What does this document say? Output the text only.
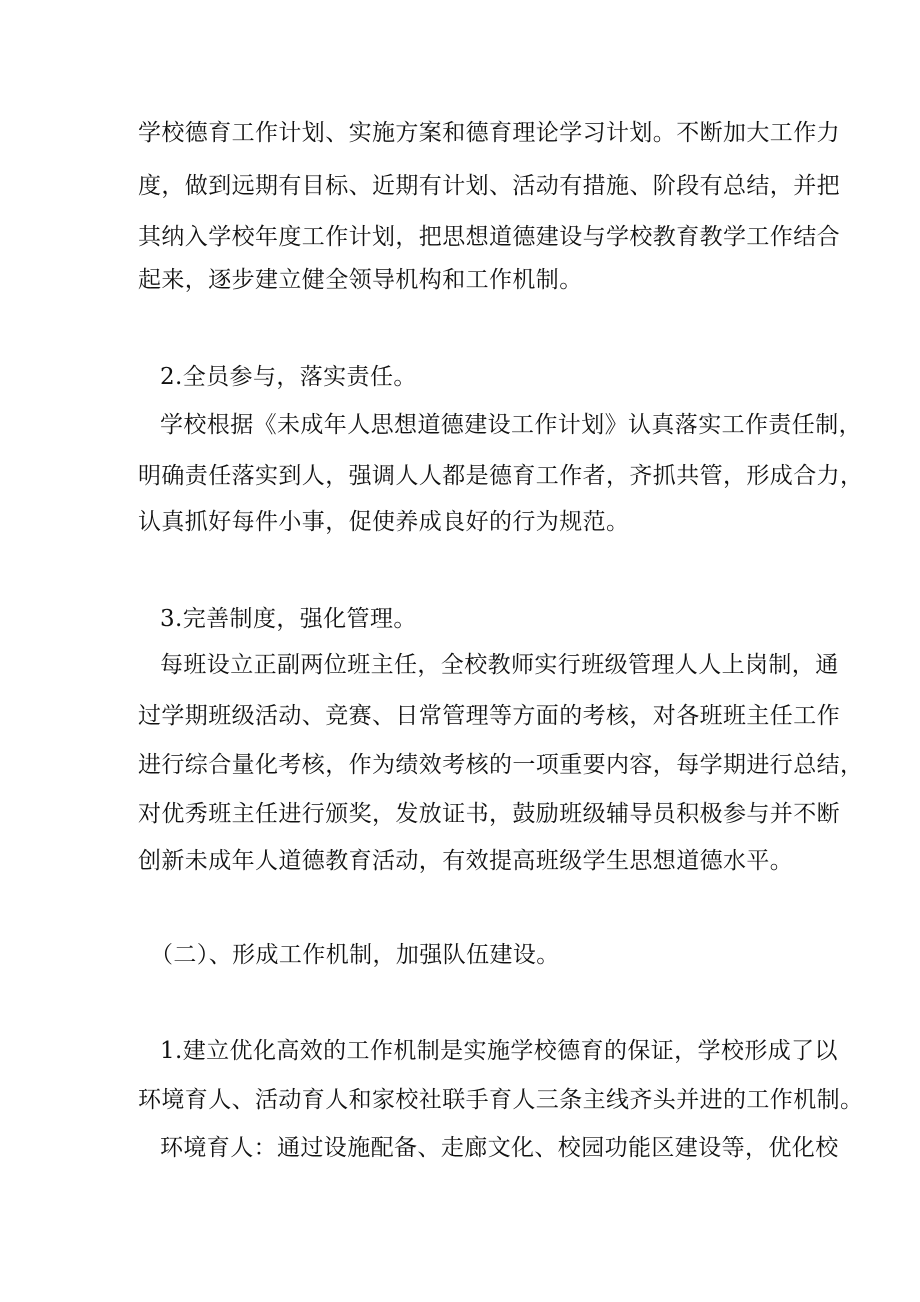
学校德育工作计划、实施方案和德育理论学习计划。不断加大工作力
度，做到远期有目标、近期有计划、活动有措施、阶段有总结，并把
其纳入学校年度工作计划，把思想道德建设与学校教育教学工作结合
起来，逐步建立健全领导机构和工作机制。
2.全员参与，落实责任。
学校根据《未成年人思想道德建设工作计划》认真落实工作责任制，
明确责任落实到人，强调人人都是德育工作者，齐抓共管，形成合力，
认真抓好每件小事，促使养成良好的行为规范。
3.完善制度，强化管理。
每班设立正副两位班主任，全校教师实行班级管理人人上岗制，通
过学期班级活动、竞赛、日常管理等方面的考核，对各班班主任工作
进行综合量化考核，作为绩效考核的一项重要内容，每学期进行总结，
对优秀班主任进行颁奖，发放证书，鼓励班级辅导员积极参与并不断
创新未成年人道德教育活动，有效提高班级学生思想道德水平。
（二）、形成工作机制，加强队伍建设。
1.建立优化高效的工作机制是实施学校德育的保证，学校形成了以
环境育人、活动育人和家校社联手育人三条主线齐头并进的工作机制。
环境育人：通过设施配备、走廊文化、校园功能区建设等，优化校
